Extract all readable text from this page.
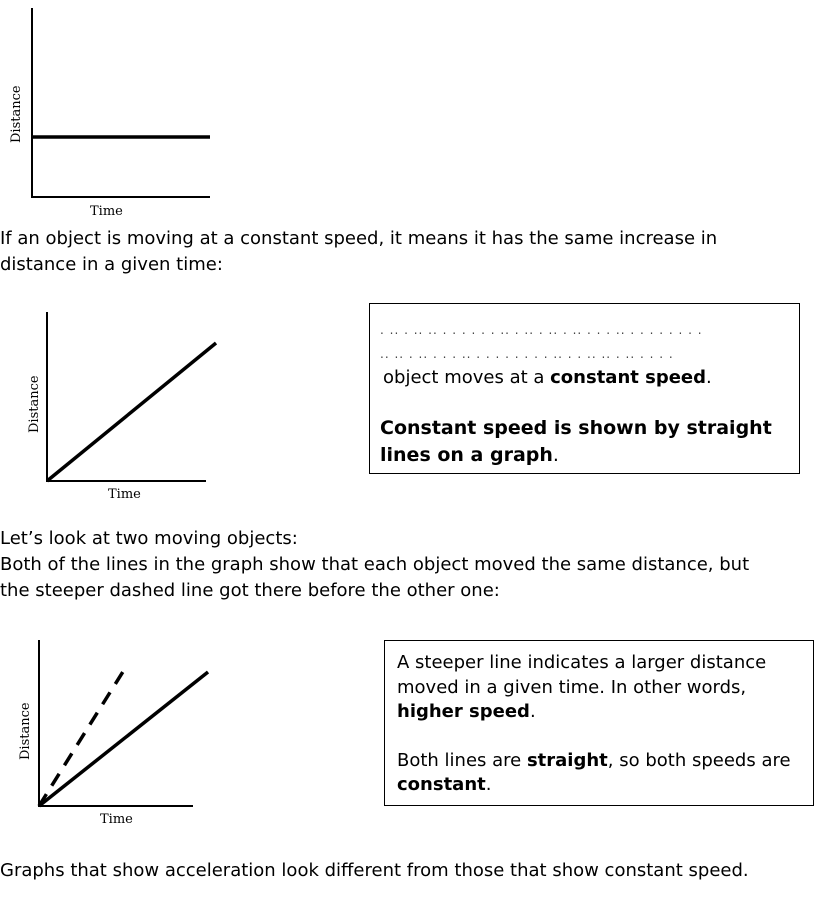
Time
Distance
If an object is moving at a constant speed, it means it has the same increase in
distance in a given time:
Time
Distance
. .. . .. .. . . . . . . .. . .. . .. . .. . . . .. . . . . . . . .
.. .. . .. . . . .. . . . . . . . . .. . . .. .. . .. . . . .

object moves at a constant speed.

Constant speed is shown by straight lines on a graph.

Let’s look at two moving objects:
Both of the lines in the graph show that each object moved the same distance, but
the steeper dashed line got there before the other one:
Time
Distance

A steeper line indicates a larger distance moved in a given time. In other words, higher speed.

Both lines are straight, so both speeds are constant.

Graphs that show acceleration look different from those that show constant speed.
